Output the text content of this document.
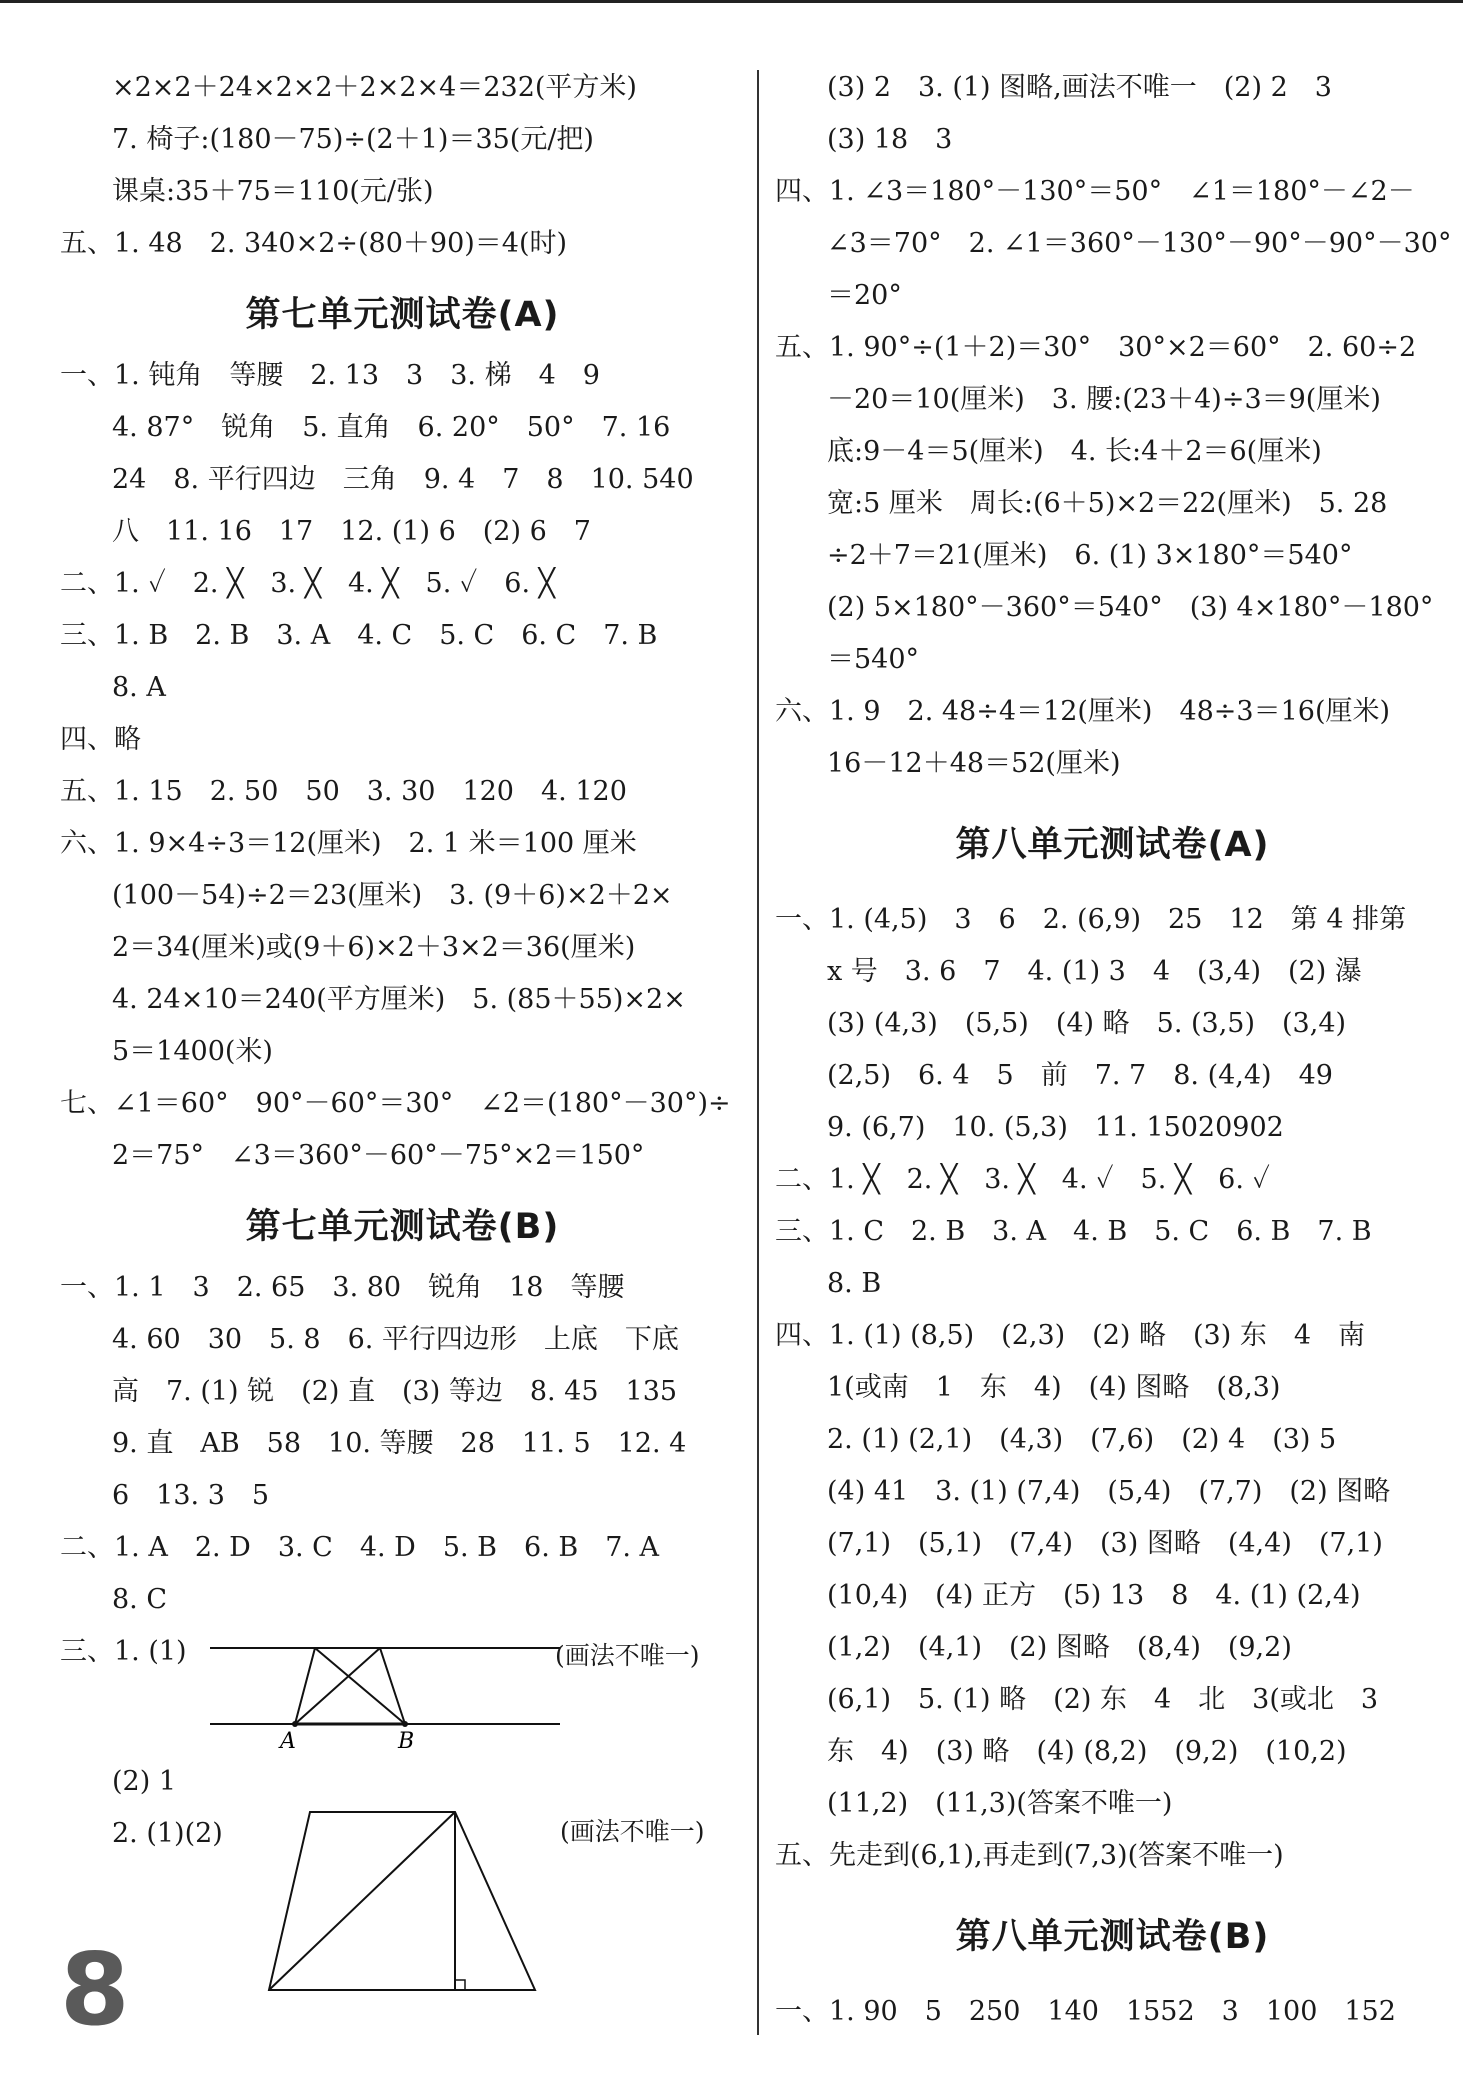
×2×2＋24×2×2＋2×2×4＝232(平方米)
7. 椅子:(180－75)÷(2＋1)＝35(元/把)
课桌:35＋75＝110(元/张)
五、1. 48　2. 340×2÷(80＋90)＝4(时)
第七单元测试卷(A)
一、1. 钝角　等腰　2. 13　3　3. 梯　4　9
4. 87°　锐角　5. 直角　6. 20°　50°　7. 16
24　8. 平行四边　三角　9. 4　7　8　10. 540
八　11. 16　17　12. (1) 6　(2) 6　7
二、1. ✓　2. ╳　3. ╳　4. ╳　5. ✓　6. ╳
三、1. B　2. B　3. A　4. C　5. C　6. C　7. B
8. A
四、略
五、1. 15　2. 50　50　3. 30　120　4. 120
六、1. 9×4÷3＝12(厘米)　2. 1 米＝100 厘米
(100－54)÷2＝23(厘米)　3. (9＋6)×2＋2×
2＝34(厘米)或(9＋6)×2＋3×2＝36(厘米)
4. 24×10＝240(平方厘米)　5. (85＋55)×2×
5＝1400(米)
七、∠1＝60°　90°－60°＝30°　∠2＝(180°－30°)÷
2＝75°　∠3＝360°－60°－75°×2＝150°
第七单元测试卷(B)
一、1. 1　3　2. 65　3. 80　锐角　18　等腰
4. 60　30　5. 8　6. 平行四边形　上底　下底
高　7. (1) 锐　(2) 直　(3) 等边　8. 45　135
9. 直　AB　58　10. 等腰　28　11. 5　12. 4
6　13. 3　5
二、1. A　2. D　3. C　4. D　5. B　6. B　7. A
8. C
三、1. (1)
A	B
(画法不唯一)
(2) 1
2. (1)(2)	(画法不唯一)
(3) 2　3. (1) 图略,画法不唯一　(2) 2　3
(3) 18　3
四、1. ∠3＝180°－130°＝50°　∠1＝180°－∠2－
∠3＝70°　2. ∠1＝360°－130°－90°－90°－30°
＝20°
五、1. 90°÷(1＋2)＝30°　30°×2＝60°　2. 60÷2
－20＝10(厘米)　3. 腰:(23＋4)÷3＝9(厘米)
底:9－4＝5(厘米)　4. 长:4＋2＝6(厘米)
宽:5 厘米　周长:(6＋5)×2＝22(厘米)　5. 28
÷2＋7＝21(厘米)　6. (1) 3×180°＝540°
(2) 5×180°－360°＝540°　(3) 4×180°－180°
＝540°
六、1. 9　2. 48÷4＝12(厘米)　48÷3＝16(厘米)
16－12＋48＝52(厘米)
第八单元测试卷(A)
一、1. (4,5)　3　6　2. (6,9)　25　12　第 4 排第
x 号　3. 6　7　4. (1) 3　4　(3,4)　(2) 瀑
(3) (4,3)　(5,5)　(4) 略　5. (3,5)　(3,4)
(2,5)　6. 4　5　前　7. 7　8. (4,4)　49
9. (6,7)　10. (5,3)　11. 15020902
二、1. ╳　2. ╳　3. ╳　4. ✓　5. ╳　6. ✓
三、1. C　2. B　3. A　4. B　5. C　6. B　7. B
8. B
四、1. (1) (8,5)　(2,3)　(2) 略　(3) 东　4　南
1(或南　1　东　4)　(4) 图略　(8,3)
2. (1) (2,1)　(4,3)　(7,6)　(2) 4　(3) 5
(4) 41　3. (1) (7,4)　(5,4)　(7,7)　(2) 图略
(7,1)　(5,1)　(7,4)　(3) 图略　(4,4)　(7,1)
(10,4)　(4) 正方　(5) 13　8　4. (1) (2,4)
(1,2)　(4,1)　(2) 图略　(8,4)　(9,2)
(6,1)　5. (1) 略　(2) 东　4　北　3(或北　3
东　4)　(3) 略　(4) (8,2)　(9,2)　(10,2)
(11,2)　(11,3)(答案不唯一)
五、先走到(6,1),再走到(7,3)(答案不唯一)
第八单元测试卷(B)
一、1. 90　5　250　140　1552　3　100　152
8
